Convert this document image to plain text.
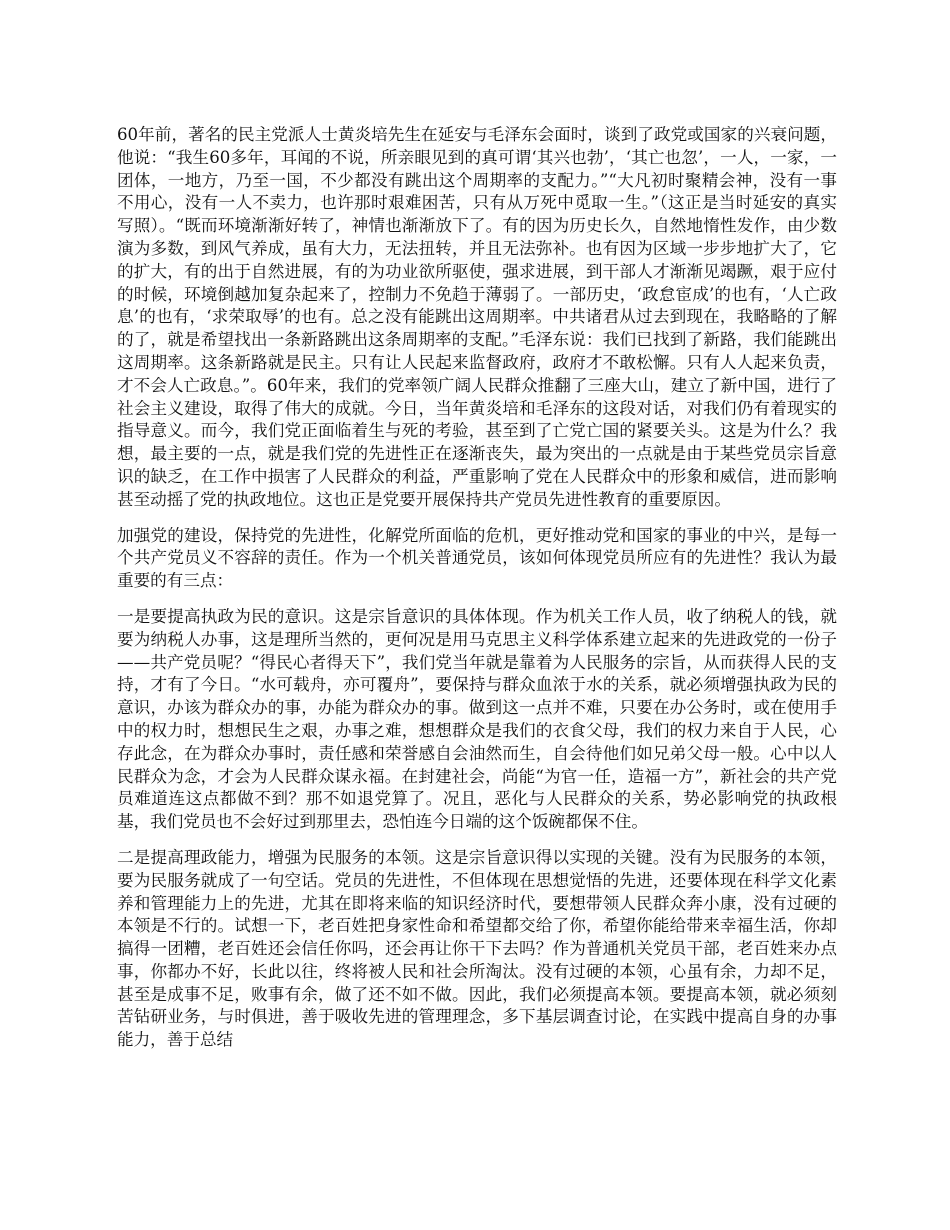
60年前，著名的民主党派人士黄炎培先生在延安与毛泽东会面时，谈到了政党或国家的兴衰问题，他说：“我生60多年，耳闻的不说，所亲眼见到的真可谓‘其兴也勃’，‘其亡也忽’，一人，一家，一团体，一地方，乃至一国，不少都没有跳出这个周期率的支配力。”“大凡初时聚精会神，没有一事不用心，没有一人不卖力，也许那时艰难困苦，只有从万死中觅取一生。”（这正是当时延安的真实写照）。“既而环境渐渐好转了，神情也渐渐放下了。有的因为历史长久，自然地惰性发作，由少数演为多数，到风气养成，虽有大力，无法扭转，并且无法弥补。也有因为区域一步步地扩大了，它的扩大，有的出于自然进展，有的为功业欲所驱使，强求进展，到干部人才渐渐见竭蹶，艰于应付的时候，环境倒越加复杂起来了，控制力不免趋于薄弱了。一部历史，‘政怠宦成’的也有，‘人亡政息’的也有，‘求荣取辱’的也有。总之没有能跳出这周期率。中共诸君从过去到现在，我略略的了解的了，就是希望找出一条新路跳出这条周期率的支配。”毛泽东说：我们已找到了新路，我们能跳出这周期率。这条新路就是民主。只有让人民起来监督政府，政府才不敢松懈。只有人人起来负责，才不会人亡政息。”。60年来，我们的党率领广阔人民群众推翻了三座大山，建立了新中国，进行了社会主义建设，取得了伟大的成就。今日，当年黄炎培和毛泽东的这段对话，对我们仍有着现实的指导意义。而今，我们党正面临着生与死的考验，甚至到了亡党亡国的紧要关头。这是为什么？我想，最主要的一点，就是我们党的先进性正在逐渐丧失，最为突出的一点就是由于某些党员宗旨意识的缺乏，在工作中损害了人民群众的利益，严重影响了党在人民群众中的形象和威信，进而影响甚至动摇了党的执政地位。这也正是党要开展保持共产党员先进性教育的重要原因。

加强党的建设，保持党的先进性，化解党所面临的危机，更好推动党和国家的事业的中兴，是每一个共产党员义不容辞的责任。作为一个机关普通党员，该如何体现党员所应有的先进性？我认为最重要的有三点：

一是要提高执政为民的意识。这是宗旨意识的具体体现。作为机关工作人员，收了纳税人的钱，就要为纳税人办事，这是理所当然的，更何况是用马克思主义科学体系建立起来的先进政党的一份子——共产党员呢？“得民心者得天下”，我们党当年就是靠着为人民服务的宗旨，从而获得人民的支持，才有了今日。“水可载舟，亦可覆舟”，要保持与群众血浓于水的关系，就必须增强执政为民的意识，办该为群众办的事，办能为群众办的事。做到这一点并不难，只要在办公务时，或在使用手中的权力时，想想民生之艰，办事之难，想想群众是我们的衣食父母，我们的权力来自于人民，心存此念，在为群众办事时，责任感和荣誉感自会油然而生，自会待他们如兄弟父母一般。心中以人民群众为念，才会为人民群众谋永福。在封建社会，尚能“为官一任，造福一方”，新社会的共产党员难道连这点都做不到？那不如退党算了。况且，恶化与人民群众的关系，势必影响党的执政根基，我们党员也不会好过到那里去，恐怕连今日端的这个饭碗都保不住。

二是提高理政能力，增强为民服务的本领。这是宗旨意识得以实现的关键。没有为民服务的本领，要为民服务就成了一句空话。党员的先进性，不但体现在思想觉悟的先进，还要体现在科学文化素养和管理能力上的先进，尤其在即将来临的知识经济时代，要想带领人民群众奔小康，没有过硬的本领是不行的。试想一下，老百姓把身家性命和希望都交给了你，希望你能给带来幸福生活，你却搞得一团糟，老百姓还会信任你吗，还会再让你干下去吗？作为普通机关党员干部，老百姓来办点事，你都办不好，长此以往，终将被人民和社会所淘汰。没有过硬的本领，心虽有余，力却不足，甚至是成事不足，败事有余，做了还不如不做。因此，我们必须提高本领。要提高本领，就必须刻苦钻研业务，与时俱进，善于吸收先进的管理理念，多下基层调查讨论，在实践中提高自身的办事能力，善于总结
